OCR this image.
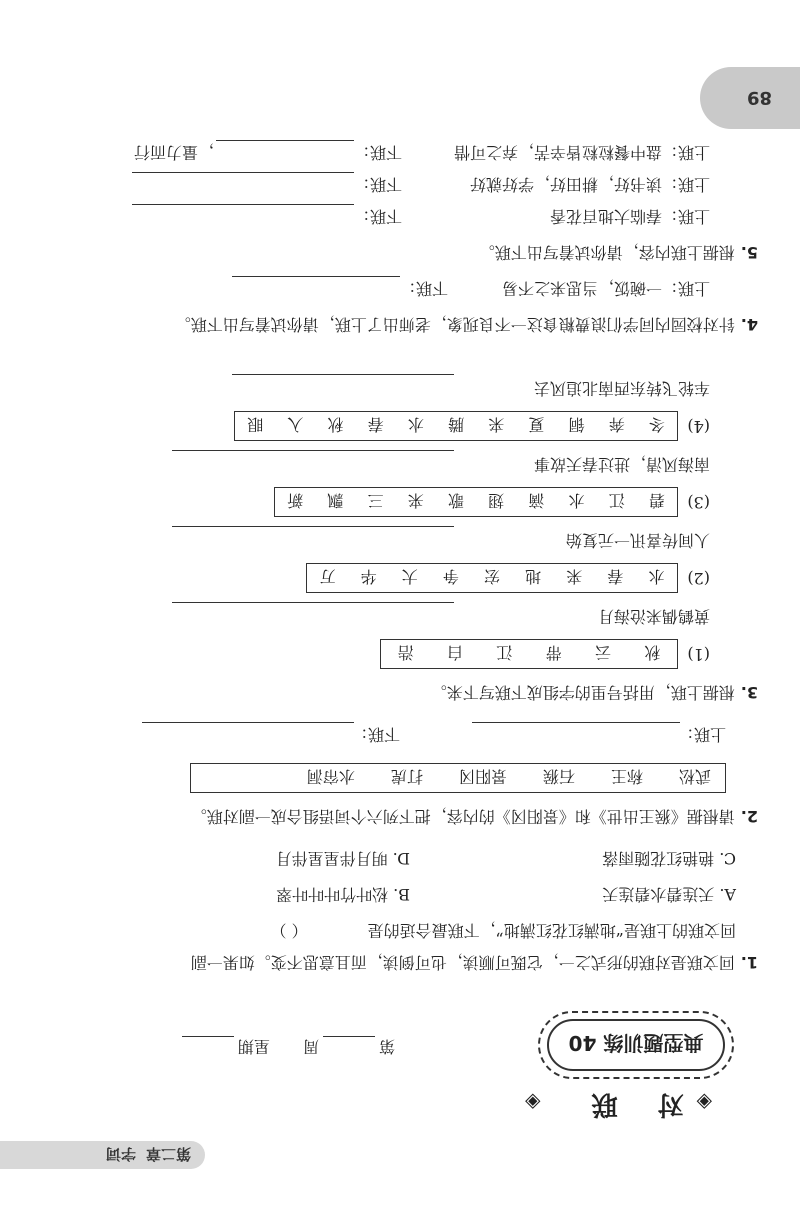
第二章
字词
89
◈ 对联 ◈
典型题训练 40
第周 星期
1.回文联是对联的形式之一，它既可顺读，也可倒读，而且意思不变。如果一副
回文联的上联是“地满红花红满地”，下联最合适的是（ ）
A. 天连碧水碧连天
B. 松叶竹叶叶叶翠
C. 艳艳红花随雨落
D. 明月伴星星伴月
2.请根据《猴王出世》和《景阳冈》的内容，把下列六个词语组合成一副对联。
武松
称王
石猴
景阳冈
打虎
水帘洞
上联：
下联：
3.根据上联，用括号里的字组成下联写下来。
(1)
秋
云
带
江
白
浩
黄鹤偶来沧海月
(2)
水
春
来
地
宏
争
大
华
万
人间传喜讯一元复始
(3)
碧
江
水
滴
翅
歌
来
三
飘
新
南海风清，进过春天故事
(4)
冬
奔
铜
夏
来
腾
水
春
秋
入
眼
车轮飞转东西南北追风去
4.针对校园内同学们浪费粮食这一不良现象，老师出了上联，请你试着写出下联。
上联：一碗饭，当思来之不易
下联：
5.根据上联内容，请你试着写出下联。
上联：春临大地百花香
下联：
上联：读书好，耕田好，学好就好
下联：
上联：盘中餐粒粒皆辛苦，弃之可惜
下联：
，量力而行
